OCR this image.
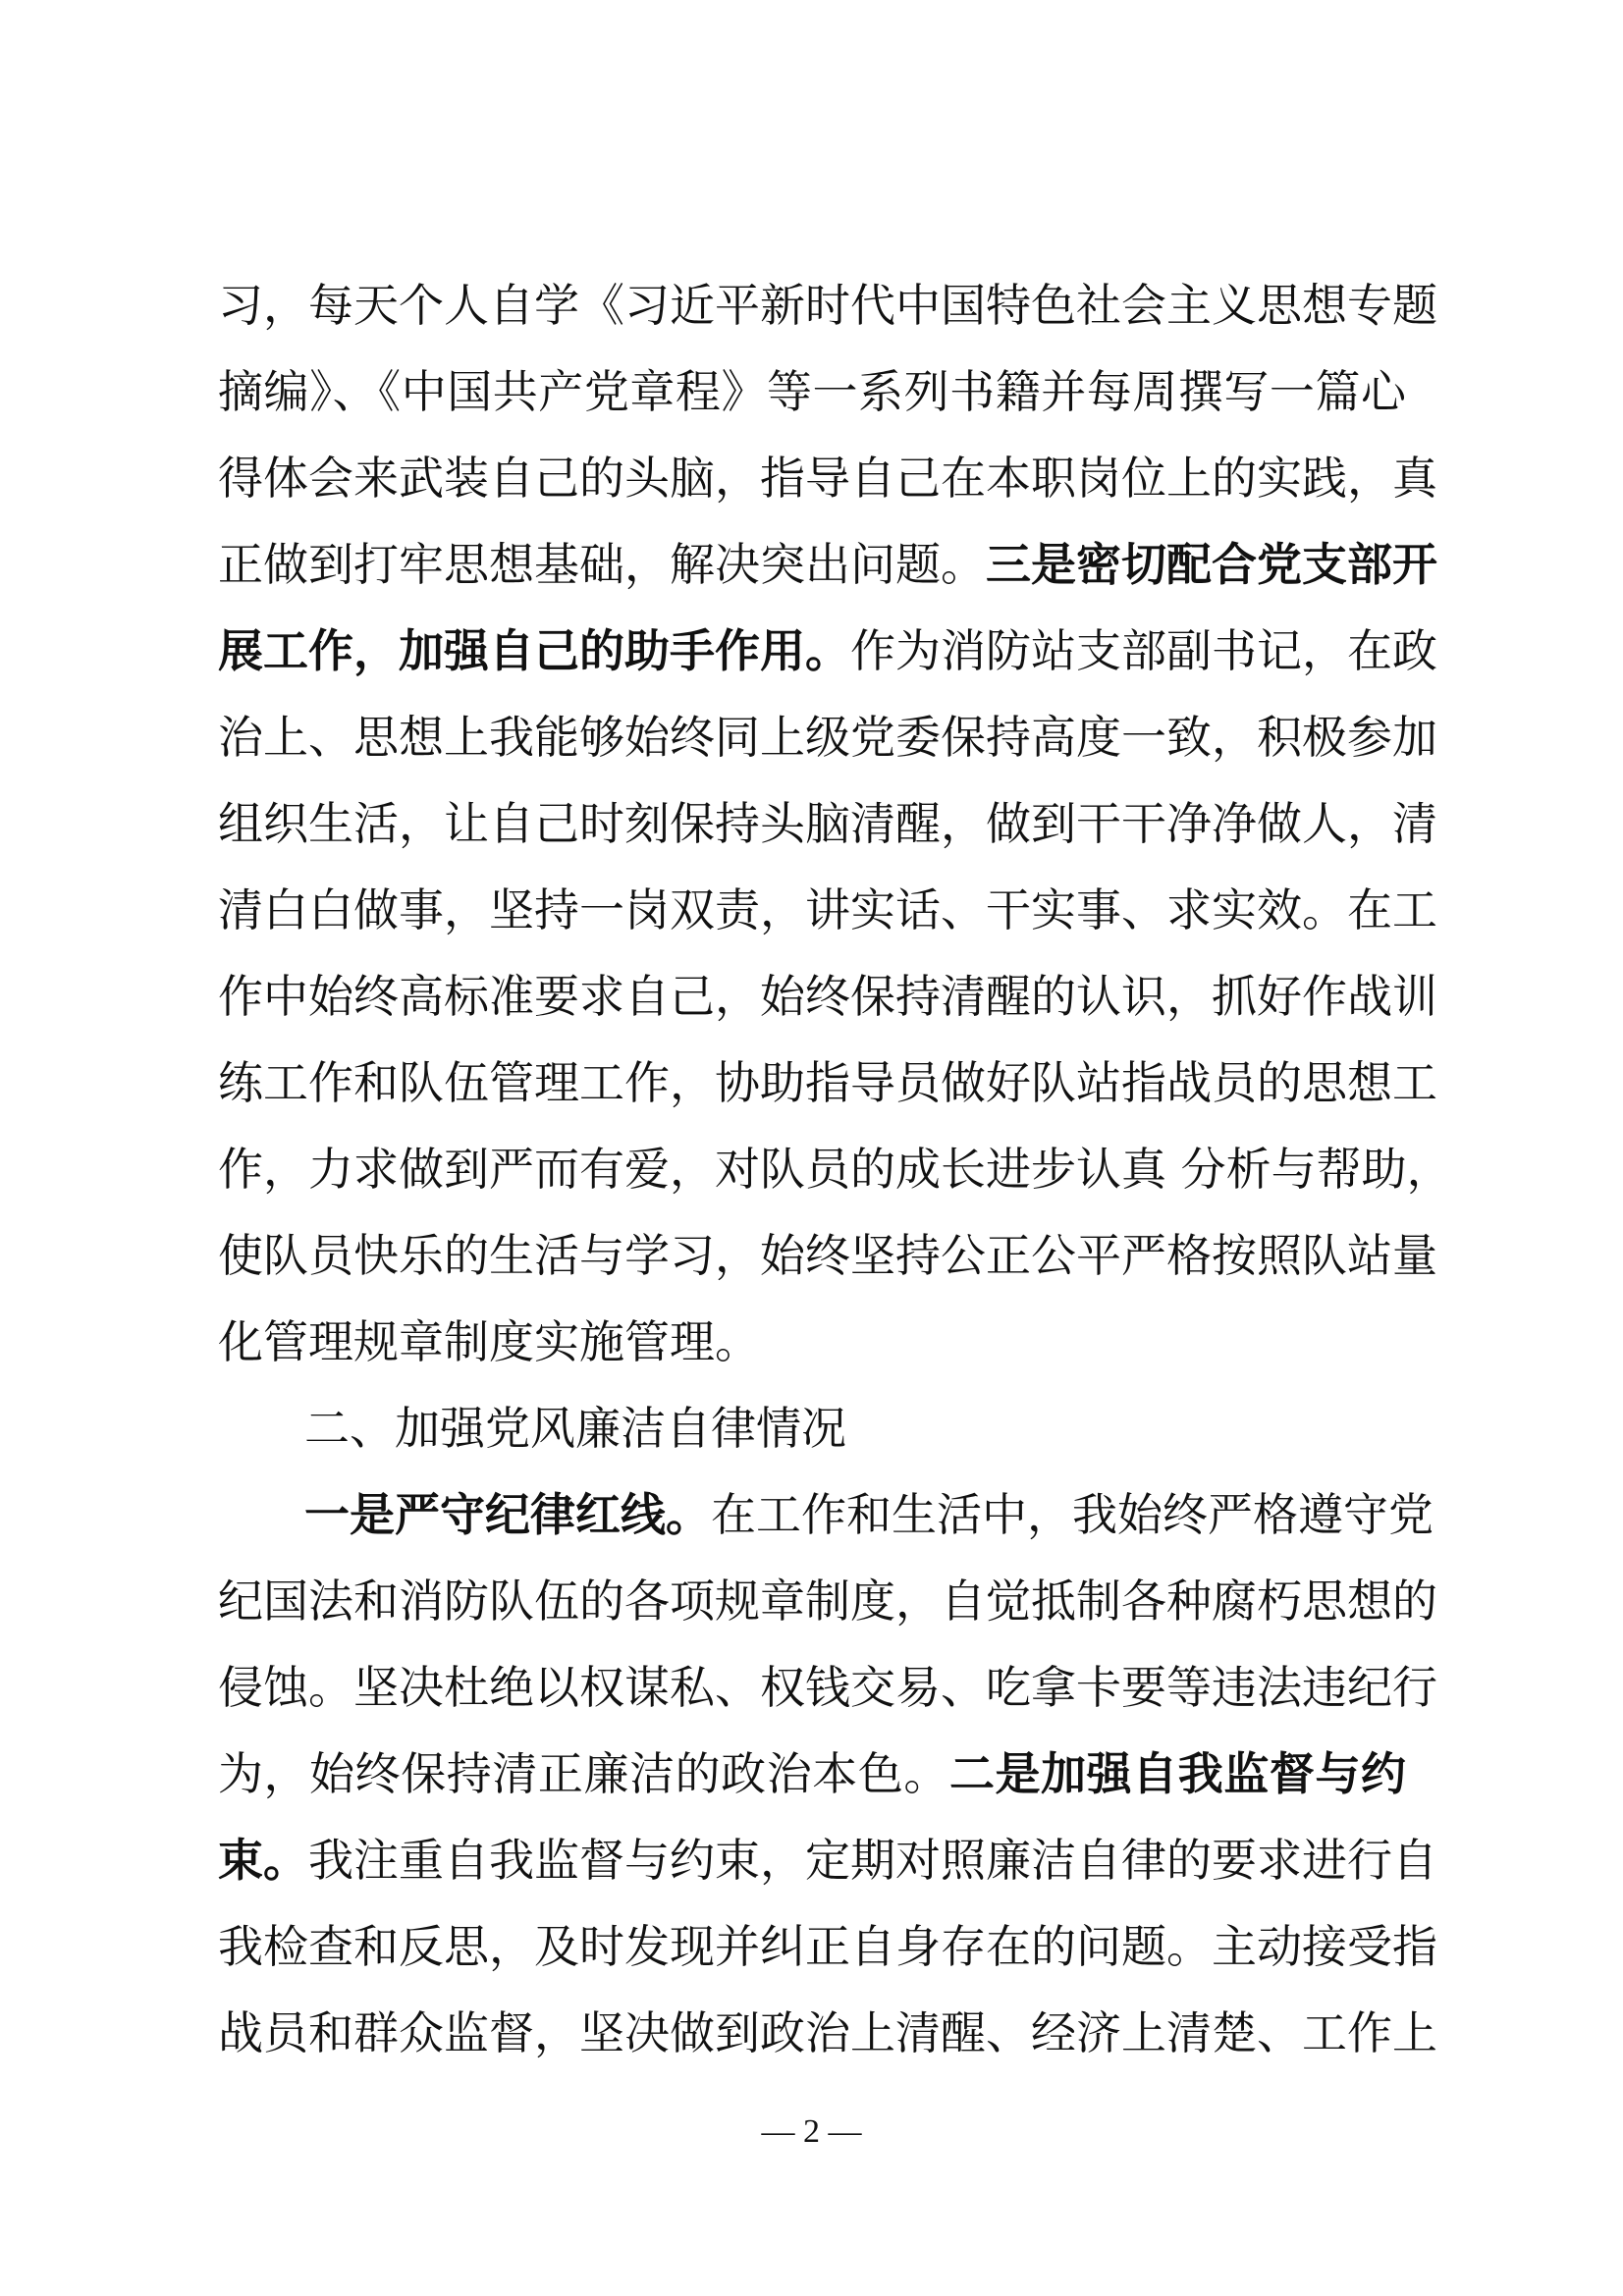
习，每天个人自学《习近平新时代中国特色社会主义思想专题
摘编》、《中国共产党章程》等一系列书籍并每周撰写一篇心
得体会来武装自己的头脑，指导自己在本职岗位上的实践，真
正做到打牢思想基础，解决突出问题。三是密切配合党支部开
展工作，加强自己的助手作用。作为消防站支部副书记，在政
治上、思想上我能够始终同上级党委保持高度一致，积极参加
组织生活，让自己时刻保持头脑清醒，做到干干净净做人，清
清白白做事，坚持一岗双责，讲实话、干实事、求实效。在工
作中始终高标准要求自己，始终保持清醒的认识，抓好作战训
练工作和队伍管理工作，协助指导员做好队站指战员的思想工
作，力求做到严而有爱，对队员的成长进步认真 分析与帮助，
使队员快乐的生活与学习，始终坚持公正公平严格按照队站量
化管理规章制度实施管理。
二、加强党风廉洁自律情况
一是严守纪律红线。在工作和生活中，我始终严格遵守党
纪国法和消防队伍的各项规章制度，自觉抵制各种腐朽思想的
侵蚀。坚决杜绝以权谋私、权钱交易、吃拿卡要等违法违纪行
为，始终保持清正廉洁的政治本色。二是加强自我监督与约
束。我注重自我监督与约束，定期对照廉洁自律的要求进行自
我检查和反思，及时发现并纠正自身存在的问题。主动接受指
战员和群众监督，坚决做到政治上清醒、经济上清楚、工作上
— 2 —
